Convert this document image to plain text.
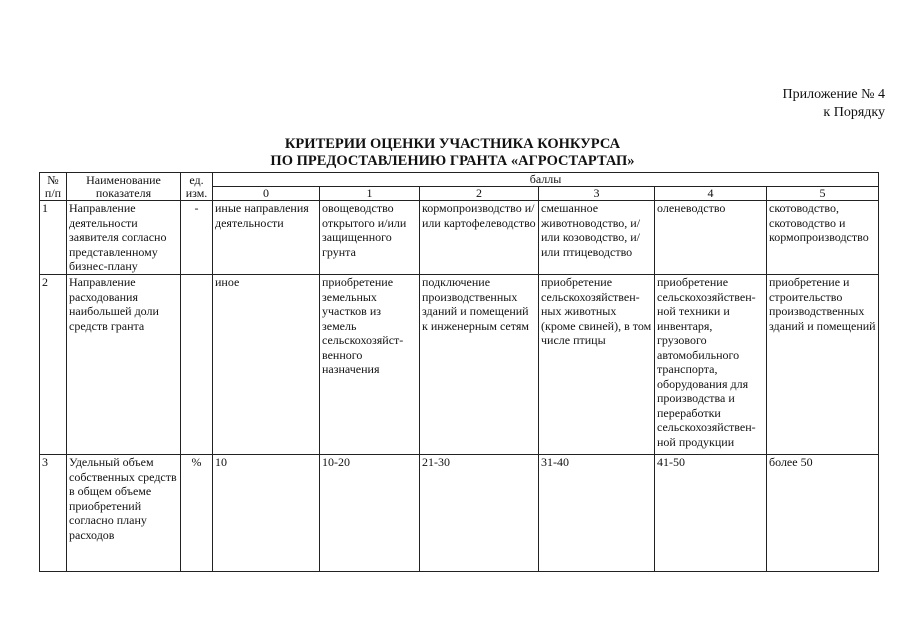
Приложение № 4
к Порядку
КРИТЕРИИ ОЦЕНКИ УЧАСТНИКА КОНКУРСА
ПО ПРЕДОСТАВЛЕНИЮ ГРАНТА «АГРОСТАРТАП»
№ п/п	Наименование показателя	ед. изм.	баллы					
			0	1	2	3	4	5
1	Направление деятельности заявителя согласно представленному бизнес-плану	-	иные направления деятельности	овощеводство открытого и/или защищенного грунта	кормопроизводство и/или картофелеводство	смешанное животноводство, и/или козоводство, и/или птицеводство	оленеводство	скотоводство, скотоводство и кормопроизводство
2	Направление расходования наибольшей доли средств гранта		иное	приобретение земельных участков из земель сельскохозяйст-венного назначения	подключение производственных зданий и помещений к инженерным сетям	приобретение сельскохозяйствен-ных животных (кроме свиней), в том числе птицы	приобретение сельскохозяйствен-ной техники и инвентаря, грузового автомобильного транспорта, оборудования для производства и переработки сельскохозяйствен-ной продукции	приобретение и строительство производственных зданий и помещений
3	Удельный объем собственных средств в общем объеме приобретений согласно плану расходов	%	10	10-20	21-30	31-40	41-50	более 50
